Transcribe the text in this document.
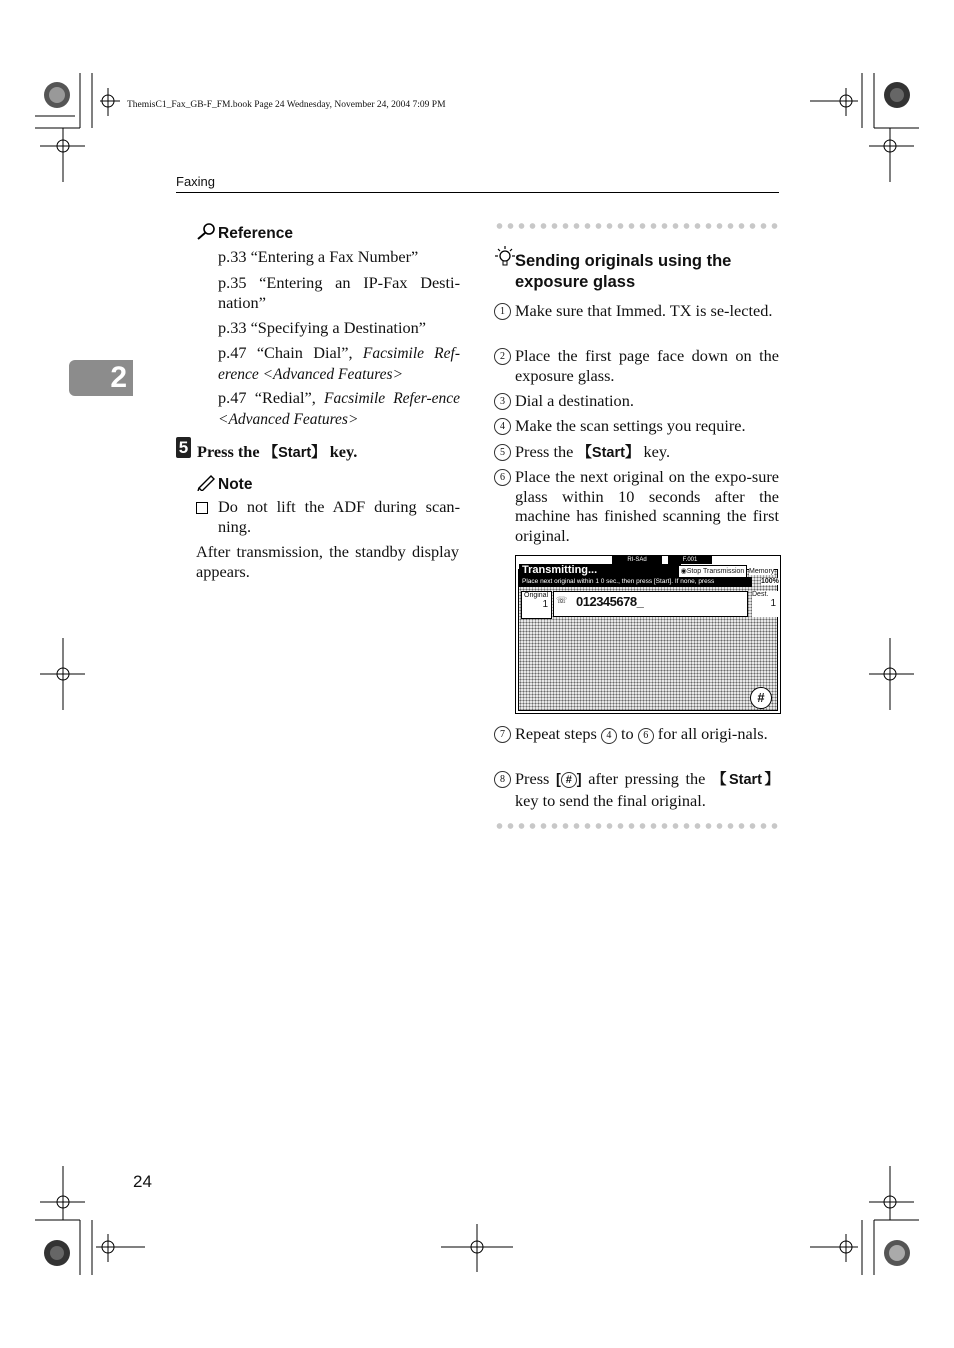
ThemisC1_Fax_GB-F_FM.book Page 24 Wednesday, November 24, 2004 7:09 PM
Faxing
2
Reference
p.33 “Entering a Fax Number”
p.35 “Entering an IP-Fax Desti-nation”
p.33 “Specifying a Destination”
p.47 “Chain Dial”, Facsimile Ref-erence <Advanced Features>
p.47 “Redial”, Facsimile Refer-ence <Advanced Features>
5 Press the 【Start】 key.
Note
Do not lift the ADF during scan-ning.
After transmission, the standby display appears.
Sending originals using the
exposure glass
1 Make sure that Immed. TX is se-lected.
2 Place the first page face down on the exposure glass.
3 Dial a destination.
4 Make the scan settings you require.
5 Press the 【Start】 key.
6 Place the next original on the expo-sure glass within 10 seconds after the machine has finished scanning the first original.
RI-SAd	F.001
Transmitting...	◉Stop Transmission Memory
100%
Place next original within 1 0 sec., then press [Start]. If none, press
Original
1 ☏ 012345678_	Dest.
1
#
7 Repeat steps 4 to 6 for all origi-nals.
8 Press [ # ] after pressing the 【Start】 key to send the final original.
24
